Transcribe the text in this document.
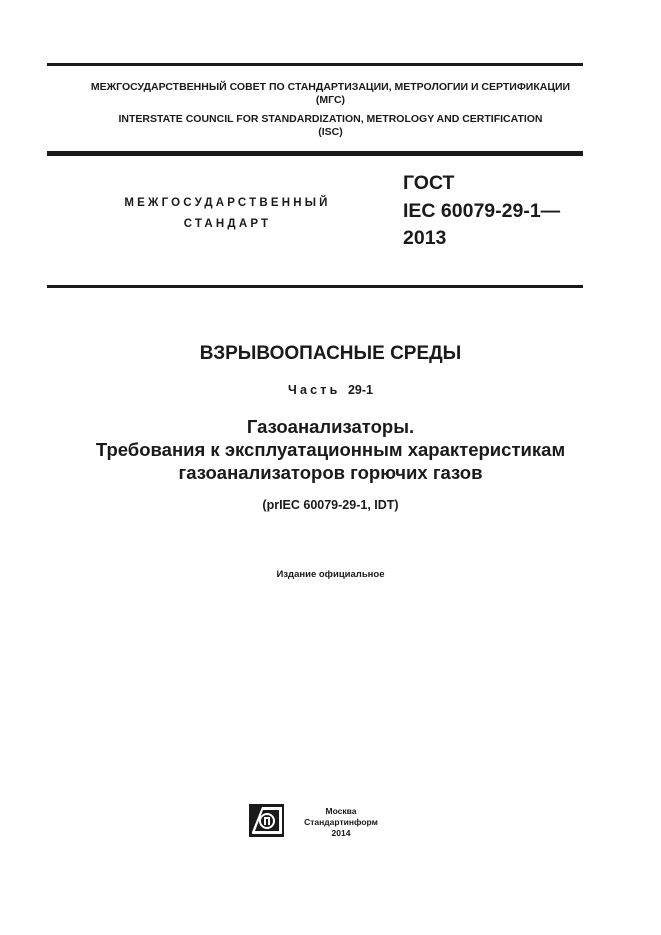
МЕЖГОСУДАРСТВЕННЫЙ СОВЕТ ПО СТАНДАРТИЗАЦИИ, МЕТРОЛОГИИ И СЕРТИФИКАЦИИ
(МГС)
INTERSTATE COUNCIL FOR STANDARDIZATION, METROLOGY AND CERTIFICATION
(ISC)
МЕЖГОСУДАРСТВЕННЫЙ
СТАНДАРТ
ГОСТ
IEC 60079-29-1—
2013
ВЗРЫВООПАСНЫЕ СРЕДЫ
Часть 29-1
Газоанализаторы.
Требования к эксплуатационным характеристикам
газоанализаторов горючих газов
(prIEC 60079-29-1, IDT)
Издание официальное
Москва
Стандартинформ
2014
